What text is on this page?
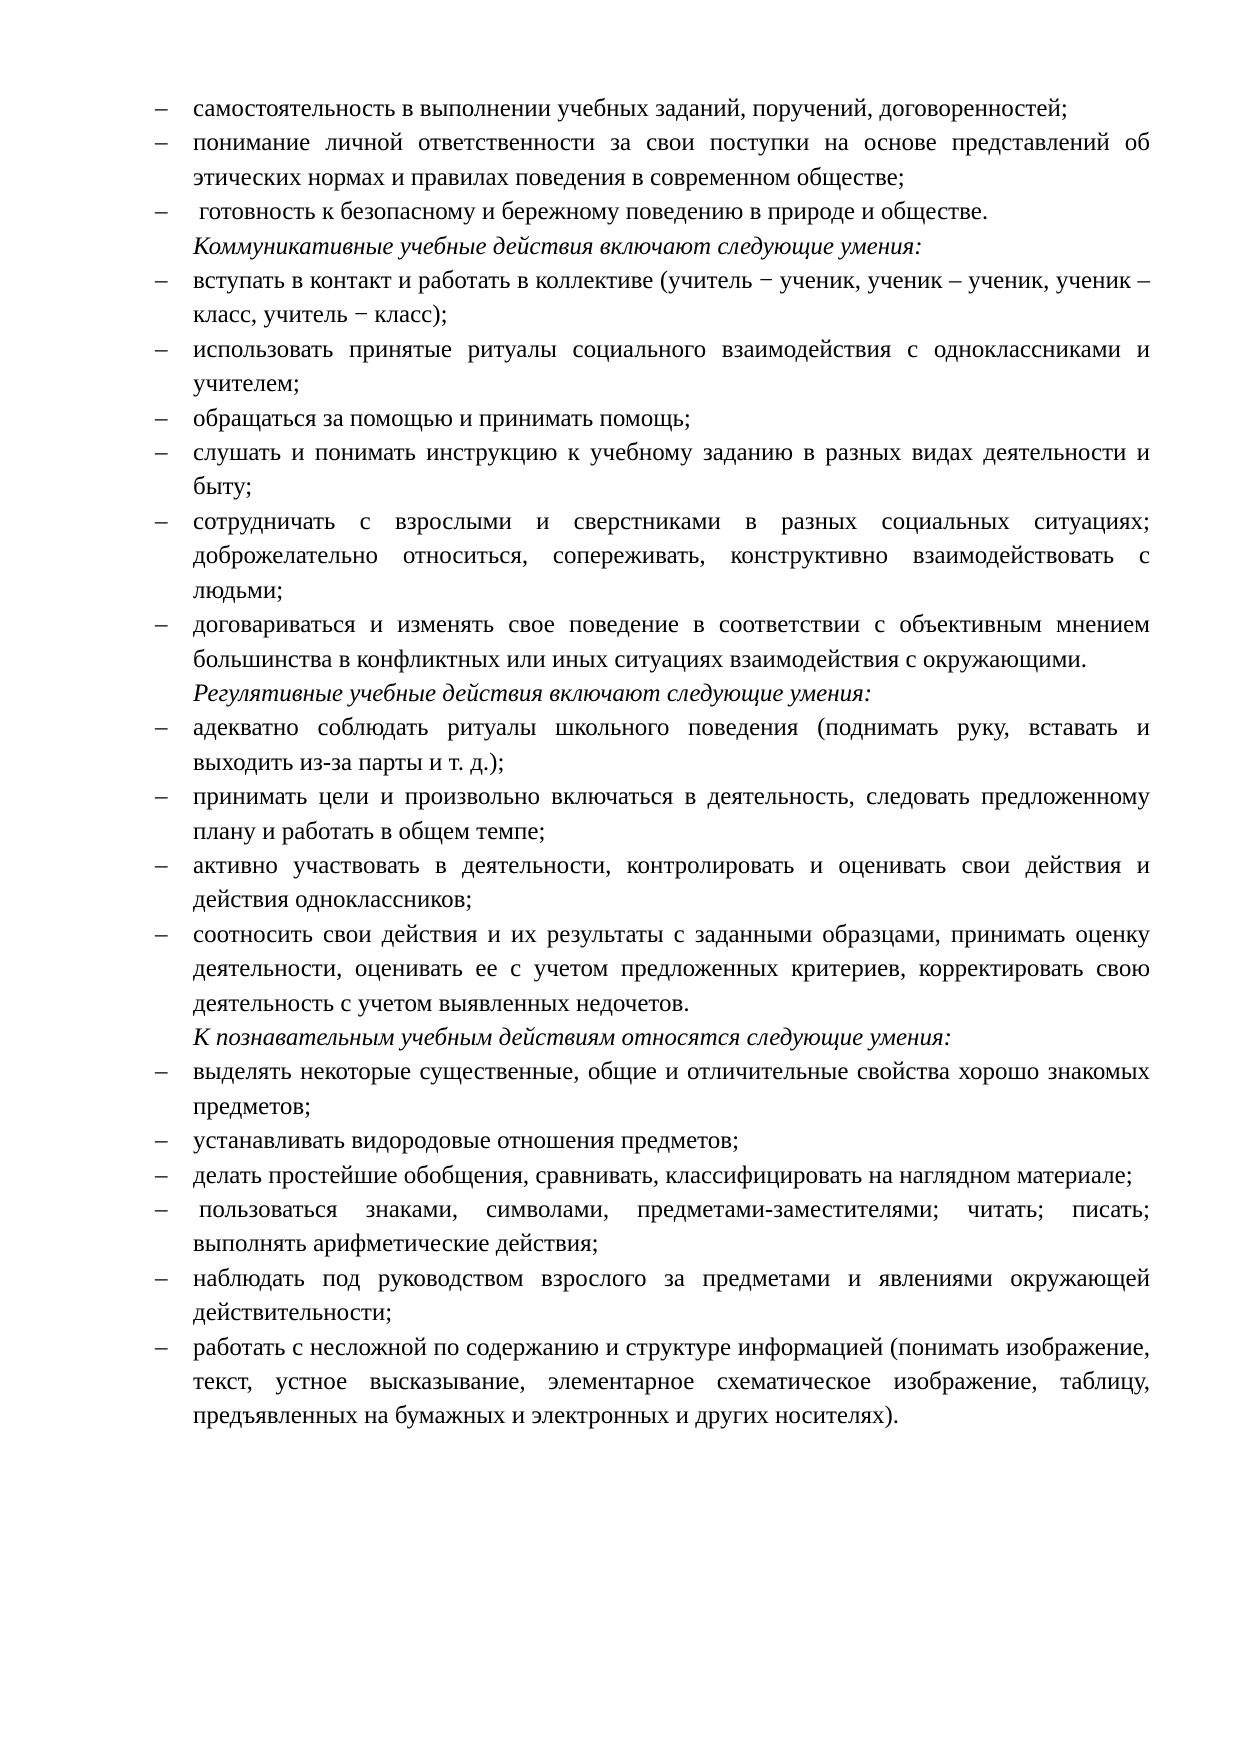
– самостоятельность в выполнении учебных заданий, поручений, договоренностей;
– понимание личной ответственности за свои поступки на основе представлений об этических нормах и правилах поведения в современном обществе;
– готовность к безопасному и бережному поведению в природе и обществе.
Коммуникативные учебные действия включают следующие умения:
– вступать в контакт и работать в коллективе (учитель − ученик, ученик – ученик, ученик – класс, учитель − класс);
– использовать принятые ритуалы социального взаимодействия с одноклассниками и учителем;
– обращаться за помощью и принимать помощь;
– слушать и понимать инструкцию к учебному заданию в разных видах деятельности и быту;
– сотрудничать с взрослыми и сверстниками в разных социальных ситуациях; доброжелательно относиться, сопереживать, конструктивно взаимодействовать с людьми;
– договариваться и изменять свое поведение в соответствии с объективным мнением большинства в конфликтных или иных ситуациях взаимодействия с окружающими.
Регулятивные учебные действия включают следующие умения:
– адекватно соблюдать ритуалы школьного поведения (поднимать руку, вставать и выходить из-за парты и т. д.);
– принимать цели и произвольно включаться в деятельность, следовать предложенному плану и работать в общем темпе;
– активно участвовать в деятельности, контролировать и оценивать свои действия и действия одноклассников;
– соотносить свои действия и их результаты с заданными образцами, принимать оценку деятельности, оценивать ее с учетом предложенных критериев, корректировать свою деятельность с учетом выявленных недочетов.
К познавательным учебным действиям относятся следующие умения:
– выделять некоторые существенные, общие и отличительные свойства хорошо знакомых предметов;
– устанавливать видородовые отношения предметов;
– делать простейшие обобщения, сравнивать, классифицировать на наглядном материале;
– пользоваться знаками, символами, предметами-заместителями; читать; писать; выполнять арифметические действия;
– наблюдать под руководством взрослого за предметами и явлениями окружающей действительности;
– работать с несложной по содержанию и структуре информацией (понимать изображение, текст, устное высказывание, элементарное схематическое изображение, таблицу, предъявленных на бумажных и электронных и других носителях).
